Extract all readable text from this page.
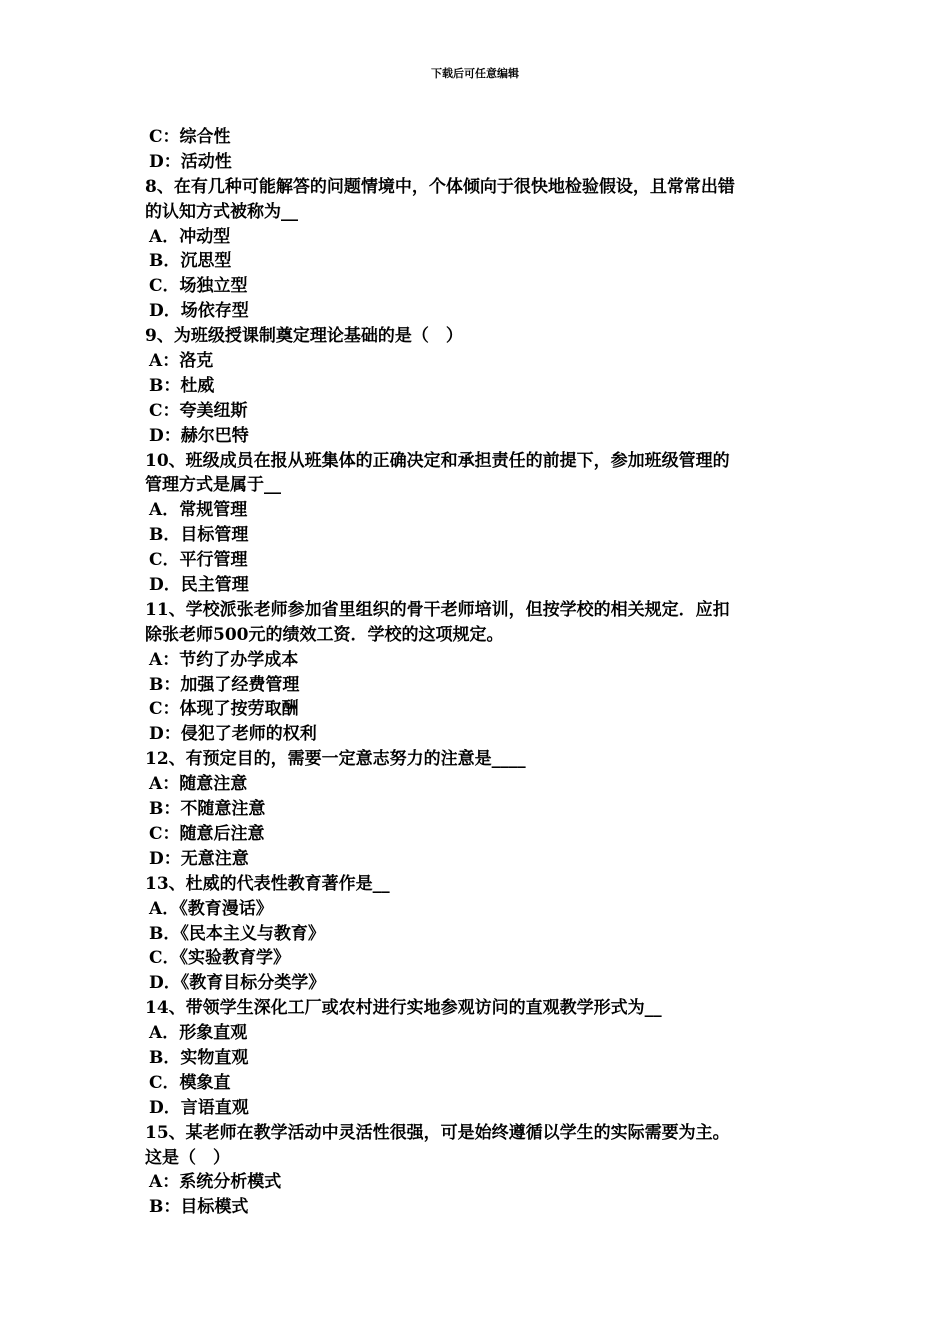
下载后可任意编辑
C：综合性
D：活动性
8、在有几种可能解答的问题情境中，个体倾向于很快地检验假设，且常常出错
的认知方式被称为__
A．冲动型
B．沉思型
C．场独立型
D．场依存型
9、为班级授课制奠定理论基础的是（　）
A：洛克
B：杜威
C：夸美纽斯
D：赫尔巴特
10、班级成员在报从班集体的正确决定和承担责任的前提下，参加班级管理的
管理方式是属于__
A．常规管理
B．目标管理
C．平行管理
D．民主管理
11、学校派张老师参加省里组织的骨干老师培训，但按学校的相关规定．应扣
除张老师500元的绩效工资．学校的这项规定。
A：节约了办学成本
B：加强了经费管理
C：体现了按劳取酬
D：侵犯了老师的权利
12、有预定目的，需要一定意志努力的注意是____
A：随意注意
B：不随意注意
C：随意后注意
D：无意注意
13、杜威的代表性教育著作是__
A．《教育漫话》
B．《民本主义与教育》
C．《实验教育学》
D．《教育目标分类学》
14、带领学生深化工厂或农村进行实地参观访问的直观教学形式为__
A．形象直观
B．实物直观
C．模象直
D．言语直观
15、某老师在教学活动中灵活性很强，可是始终遵循以学生的实际需要为主。
这是（　）
A：系统分析模式
B：目标模式
